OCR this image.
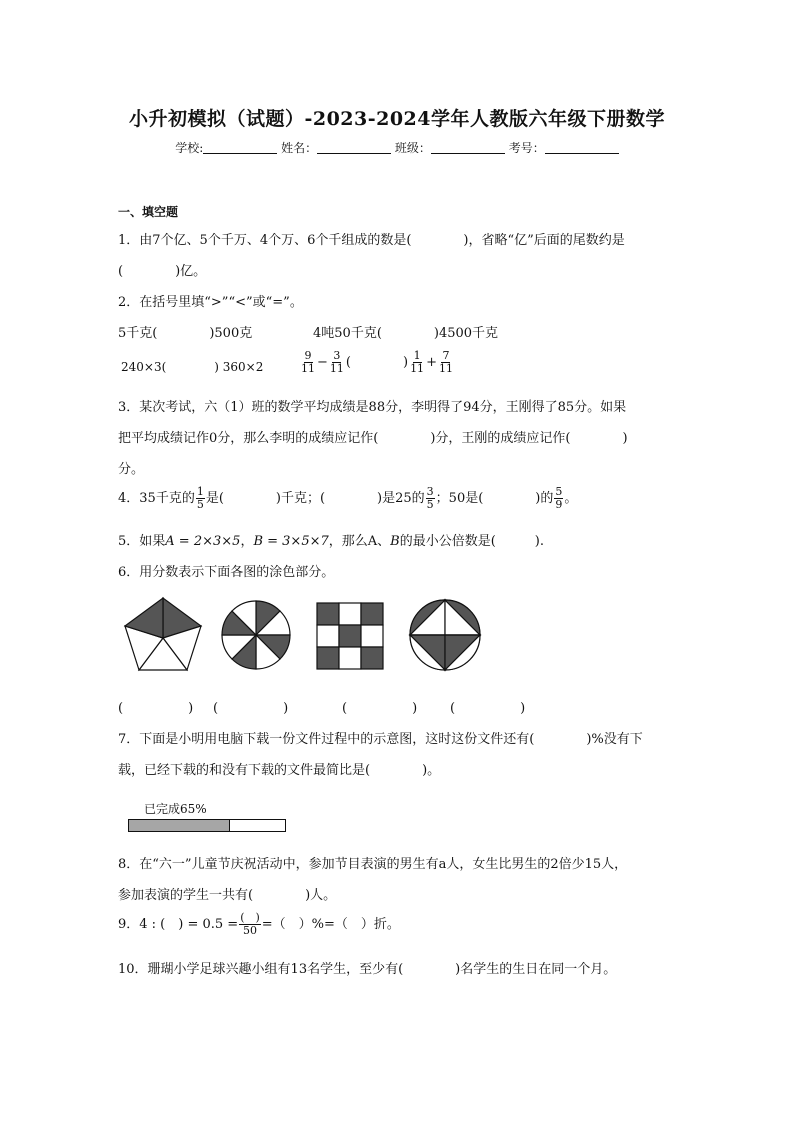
小升初模拟（试题）-2023-2024学年人教版六年级下册数学
学校:	姓名：	班级：	考号：
一、填空题
1．由7个亿、5个千万、4个万、6个千组成的数是(　　　　)，省略“亿”后面的尾数约是
(　　　　)亿。
2．在括号里填“>”“<”或“=”。
5千克(　　　　)500克	4吨50千克(　　　　)4500千克
240×3(　　　　) 360×2	$\frac{9}{11} - \frac{3}{11}$ (　　　　) $\frac{1}{11} + \frac{7}{11}$
3．某次考试，六（1）班的数学平均成绩是88分，李明得了94分，王刚得了85分。如果
把平均成绩记作0分，那么李明的成绩应记作(　　　　)分，王刚的成绩应记作(　　　　)
分。
4．35千克的 $\frac{1}{5}$ 是(　　　　)千克；(　　　　)是25的 $\frac{3}{5}$ ；50是(　　　　)的 $\frac{5}{9}$ 。
5．如果A = 2×3×5，B = 3×5×7，那么A、B的最小公倍数是(　　　).
6．用分数表示下面各图的涂色部分。
(　　　　　) (　　　　　)	(　　　　　)	(　　　　　)
7．下面是小明用电脑下载一份文件过程中的示意图，这时这份文件还有(　　　　)%没有下
载，已经下载的和没有下载的文件最简比是(　　　　)。
已完成65%
8．在“六一”儿童节庆祝活动中，参加节目表演的男生有a人，女生比男生的2倍少15人，
参加表演的学生一共有(　　　　)人。
9．4 : (　) = $0.5 = \frac{( )}{50}$ =（　）%=（　）折。
10．珊瑚小学足球兴趣小组有13名学生，至少有(　　　　)名学生的生日在同一个月。
